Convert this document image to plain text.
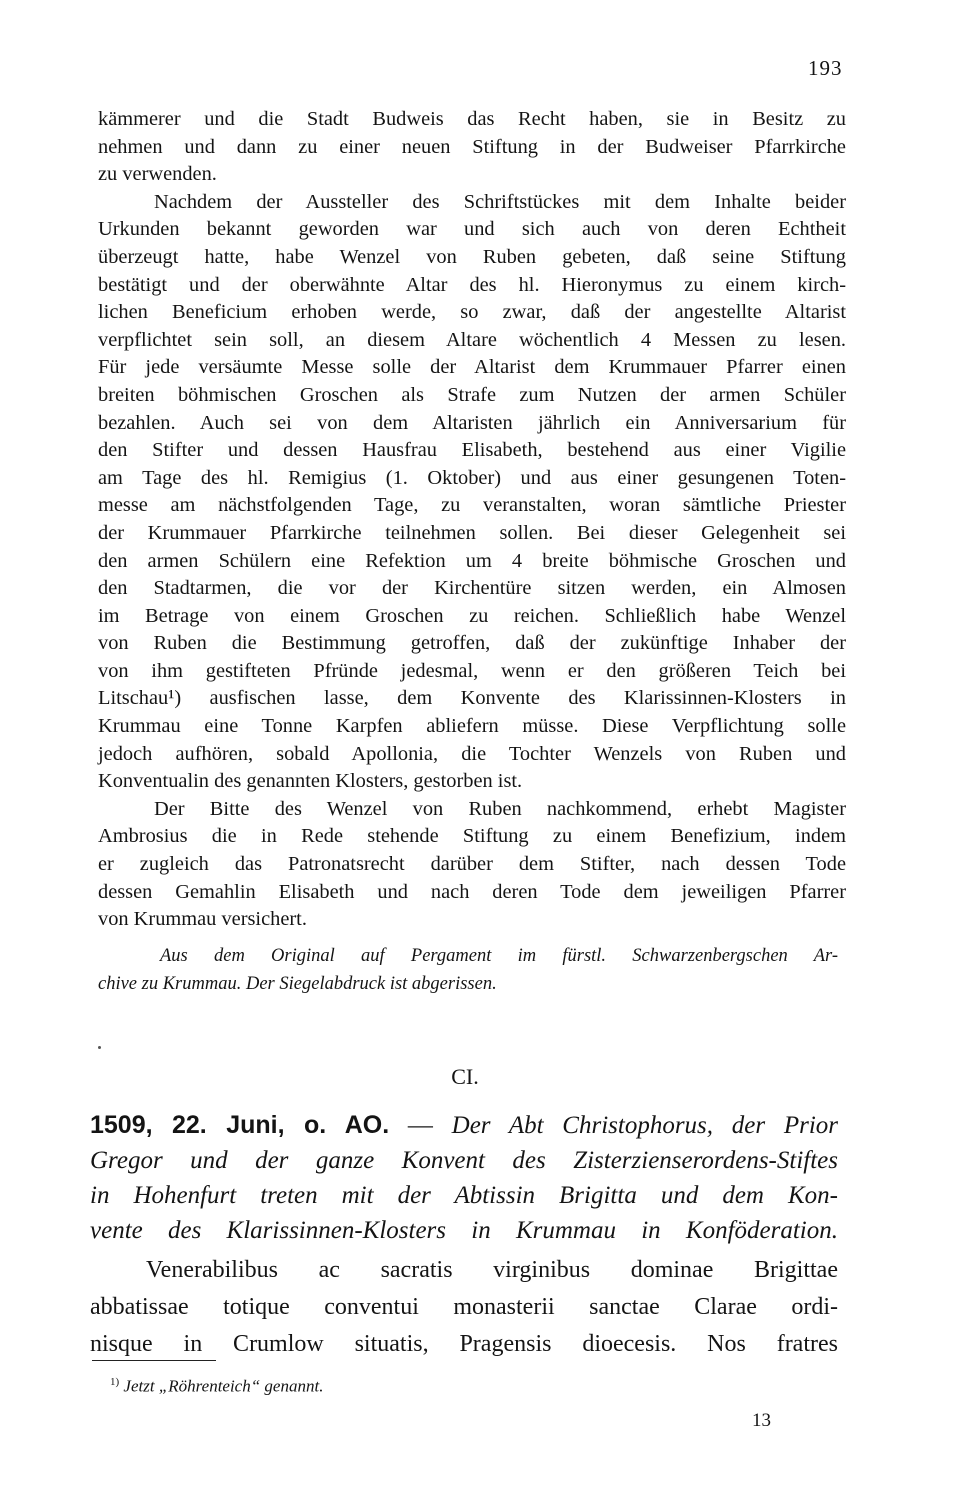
193
kämmerer und die Stadt Budweis das Recht haben, sie in Besitz zu
nehmen und dann zu einer neuen Stiftung in der Budweiser Pfarrkirche
zu verwenden.
Nachdem der Aussteller des Schriftstückes mit dem Inhalte beider
Urkunden bekannt geworden war und sich auch von deren Echtheit
überzeugt hatte, habe Wenzel von Ruben gebeten, daß seine Stiftung
bestätigt und der oberwähnte Altar des hl. Hieronymus zu einem kirch-
lichen Beneficium erhoben werde, so zwar, daß der angestellte Altarist
verpflichtet sein soll, an diesem Altare wöchentlich 4 Messen zu lesen.
Für jede versäumte Messe solle der Altarist dem Krummauer Pfarrer einen
breiten böhmischen Groschen als Strafe zum Nutzen der armen Schüler
bezahlen. Auch sei von dem Altaristen jährlich ein Anniversarium für
den Stifter und dessen Hausfrau Elisabeth, bestehend aus einer Vigilie
am Tage des hl. Remigius (1. Oktober) und aus einer gesungenen Toten-
messe am nächstfolgenden Tage, zu veranstalten, woran sämtliche Priester
der Krummauer Pfarrkirche teilnehmen sollen. Bei dieser Gelegenheit sei
den armen Schülern eine Refektion um 4 breite böhmische Groschen und
den Stadtarmen, die vor der Kirchentüre sitzen werden, ein Almosen
im Betrage von einem Groschen zu reichen. Schließlich habe Wenzel
von Ruben die Bestimmung getroffen, daß der zukünftige Inhaber der
von ihm gestifteten Pfründe jedesmal, wenn er den größeren Teich bei
Litschau¹) ausfischen lasse, dem Konvente des Klarissinnen-Klosters in
Krummau eine Tonne Karpfen abliefern müsse. Diese Verpflichtung solle
jedoch aufhören, sobald Apollonia, die Tochter Wenzels von Ruben und
Konventualin des genannten Klosters, gestorben ist.
Der Bitte des Wenzel von Ruben nachkommend, erhebt Magister
Ambrosius die in Rede stehende Stiftung zu einem Benefizium, indem
er zugleich das Patronatsrecht darüber dem Stifter, nach dessen Tode
dessen Gemahlin Elisabeth und nach deren Tode dem jeweiligen Pfarrer
von Krummau versichert.
Aus dem Original auf Pergament im fürstl. Schwarzenbergschen Ar-
chive zu Krummau. Der Siegelabdruck ist abgerissen.
CI.
1509, 22. Juni, o. AO. — Der Abt Christophorus, der Prior
Gregor und der ganze Konvent des Zisterzienserordens-Stiftes
in Hohenfurt treten mit der Abtissin Brigitta und dem Kon-
vente des Klarissinnen-Klosters in Krummau in Konföderation.
Venerabilibus ac sacratis virginibus dominae Brigittae
abbatissae totique conventui monasterii sanctae Clarae ordi-
nisque in Crumlow situatis, Pragensis dioecesis. Nos fratres
$^{1)}$ Jetzt „Röhrenteich“ genannt.
13
